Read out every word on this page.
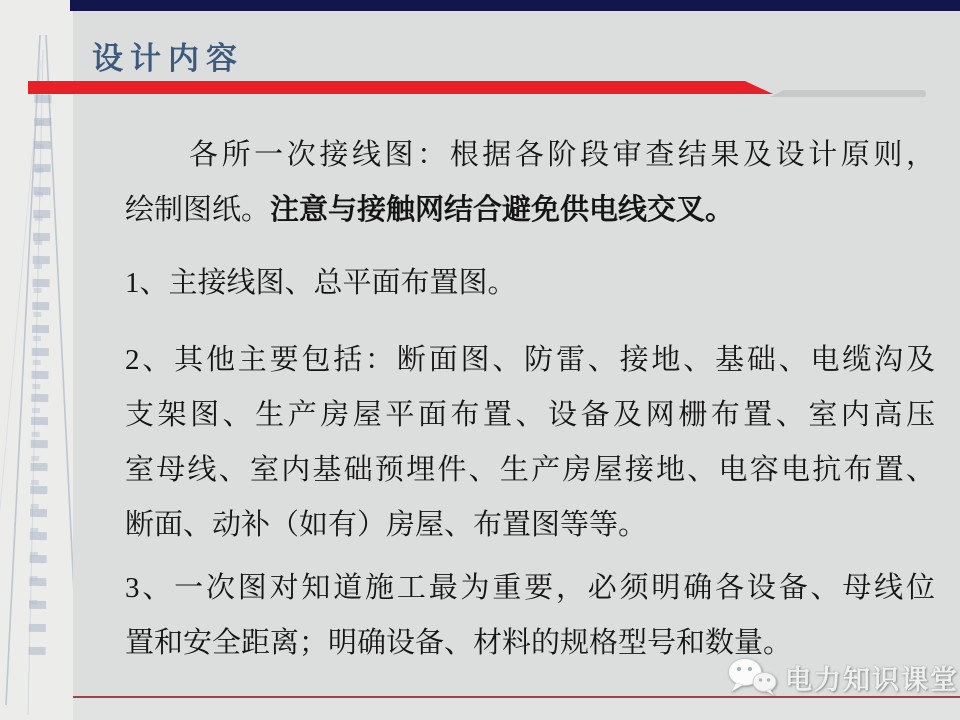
设计内容
各所一次接线图：根据各阶段审查结果及设计原则，
绘制图纸。注意与接触网结合避免供电线交叉。
1、主接线图、总平面布置图。
2、其他主要包括：断面图、防雷、接地、基础、电缆沟及
支架图、生产房屋平面布置、设备及网栅布置、室内高压
室母线、室内基础预埋件、生产房屋接地、电容电抗布置、
断面、动补（如有）房屋、布置图等等。
3、一次图对知道施工最为重要，必须明确各设备、母线位
置和安全距离；明确设备、材料的规格型号和数量。
电力知识课堂
